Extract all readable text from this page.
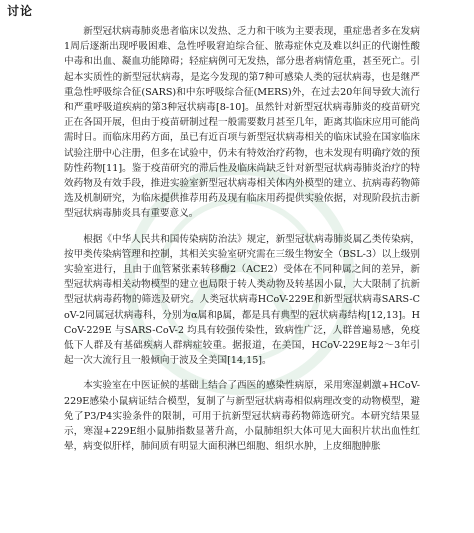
讨论

新型冠状病毒肺炎患者临床以发热、乏力和干咳为主要表现，重症患者多在发病1周后逐渐出现呼吸困难、急性呼吸窘迫综合征、脓毒症休克及难以纠正的代谢性酸中毒和出血、凝血功能障碍；轻症病例可无发热，部分患者病情危重，甚至死亡。引起本实质性的新型冠状病毒，是迄今发现的第7种可感染人类的冠状病毒，也是继严重急性呼吸综合征(SARS)和中东呼吸综合征(MERS)外，在过去20年间导致大流行和严重呼吸道疾病的第3种冠状病毒[8-10]。虽然针对新型冠状病毒肺炎的疫苗研究正在各国开展，但由于疫苗研制过程一般需要数月甚至几年，距离其临床应用可能尚需时日。而临床用药方面，虽已有近百项与新型冠状病毒相关的临床试验在国家临床试验注册中心注册，但多在试验中，仍未有特效治疗药物，也未发现有明确疗效的预防性药物[11]。鉴于疫苗研究的滞后性及临床尚缺乏针对新型冠状病毒肺炎治疗的特效药物及有效手段，推进实验室新型冠状病毒相关体内外模型的建立、抗病毒药物筛选及机制研究，为临床提供推荐用药及现有临床用药提供实验依据，对现阶段抗击新型冠状病毒肺炎具有重要意义。

根据《中华人民共和国传染病防治法》规定，新型冠状病毒肺炎属乙类传染病，按甲类传染病管理和控制，其相关实验室研究需在三级生物安全（BSL-3）以上级别实验室进行，且由于血管紧张素转移酶2（ACE2）受体在不同种属之间的差异，新型冠状病毒相关动物模型的建立也局限于转人类动物及转基因小鼠，大大限制了抗新型冠状病毒药物的筛选及研究。人类冠状病毒HCoV-229E和新型冠状病毒SARS-CoV-2同属冠状病毒科，分别为α属和β属，都是具有典型的冠状病毒结构[12,13]。HCoV-229E 与SARS-CoV-2 均具有较强传染性，致病性广泛，人群普遍易感，免疫低下人群及有基础疾病人群病症较重。据报道，在美国，HCoV-229E每2～3年引起一次大流行且一般倾向于波及全美国[14,15]。

本实验室在中医证候的基础上结合了西医的感染性病原，采用寒湿刺激+HCoV-229E感染小鼠病证结合模型，复制了与新型冠状病毒相似病理改变的动物模型，避免了P3/P4实验条件的限制，可用于抗新型冠状病毒药物筛选研究。本研究结果显示，寒湿+229E组小鼠肺指数显著升高，小鼠肺组织大体可见大面积片状出血性红晕，病变似肝样，肺间质有明显大面积淋巴细胞、组织水肿，上皮细胞肿胀
